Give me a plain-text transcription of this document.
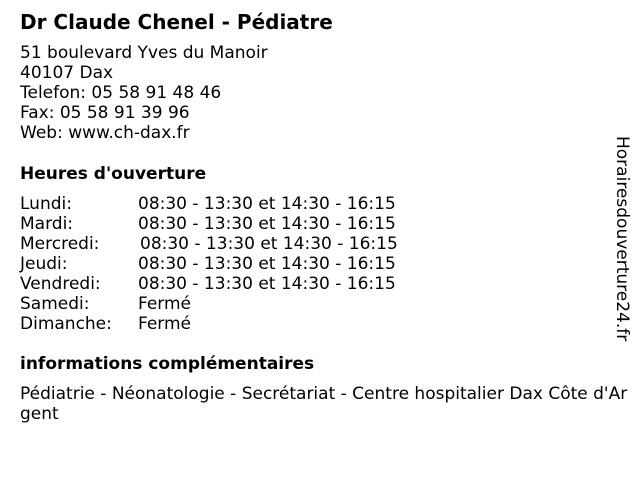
Dr Claude Chenel - Pédiatre
51 boulevard Yves du Manoir
40107 Dax
Telefon: 05 58 91 48 46
Fax: 05 58 91 39 96
Web: www.ch-dax.fr
Heures d'ouverture
Lundi:	08:30 - 13:30 et 14:30 - 16:15
Mardi:	08:30 - 13:30 et 14:30 - 16:15
Mercredi: 08:30 - 13:30 et 14:30 - 16:15
Jeudi:	08:30 - 13:30 et 14:30 - 16:15
Vendredi: 08:30 - 13:30 et 14:30 - 16:15
Samedi:	Fermé
Dimanche: Fermé
informations complémentaires
Pédiatrie - Néonatologie - Secrétariat - Centre hospitalier Dax Côte d'Argent
Horairesdouverture24.fr
